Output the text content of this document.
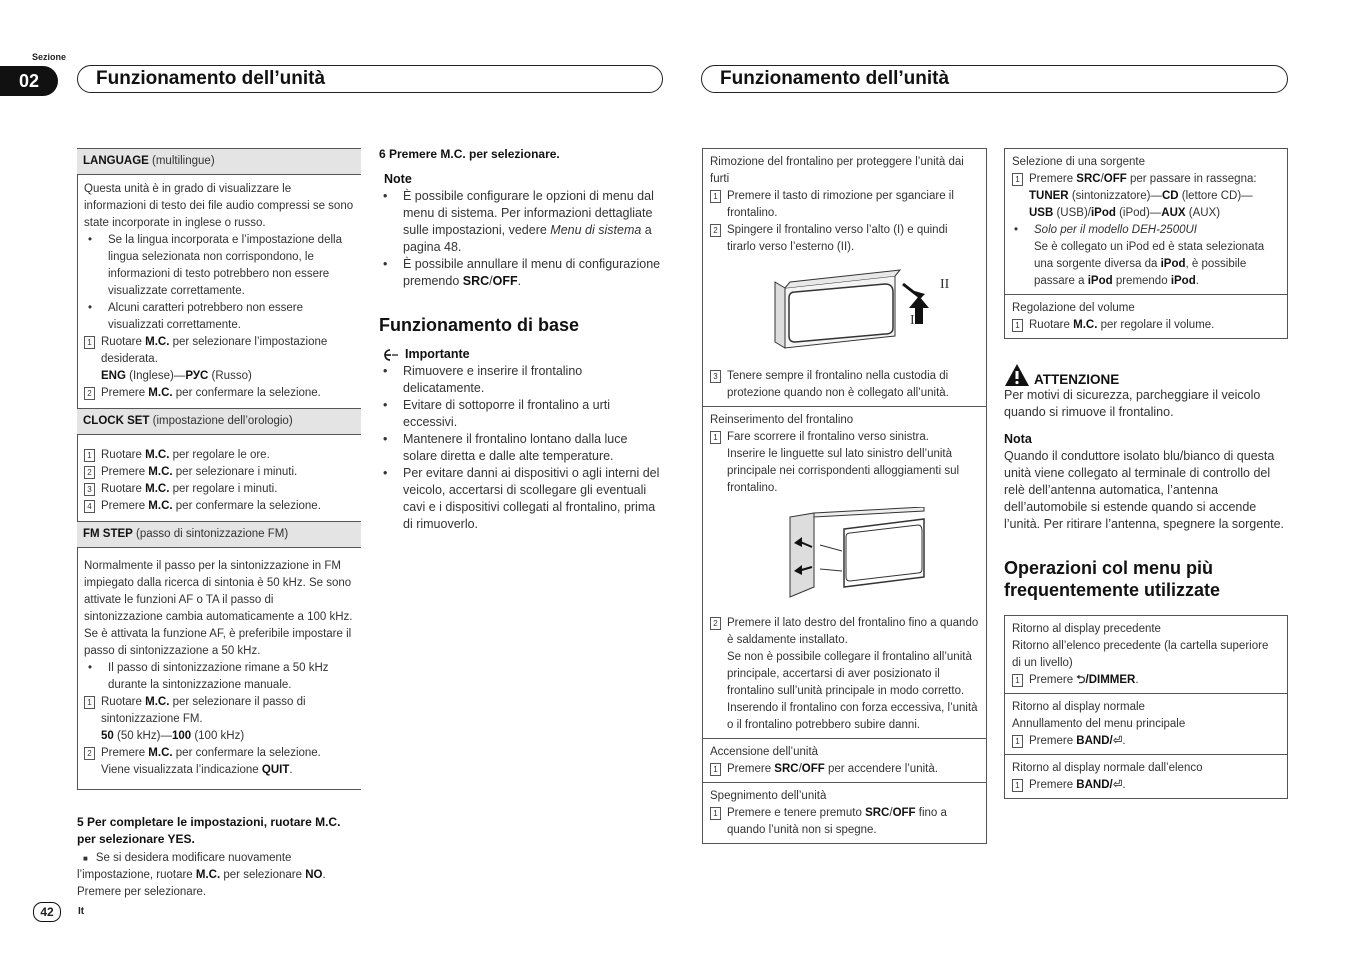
Sezione
02	Funzionamento dell’unità	Funzionamento dell’unità
LANGUAGE (multilingue)
Questa unità è in grado di visualizzare le informazioni di testo dei file audio compressi se sono state incorporate in inglese o russo.
•	Se la lingua incorporata e l’impostazione della lingua selezionata non corrispondono, le informazioni di testo potrebbero non essere visualizzate correttamente.
•	Alcuni caratteri potrebbero non essere visualizzati correttamente.
1 Ruotare M.C. per selezionare l’impostazione desiderata.
ENG (Inglese)—РУС (Russo)
2 Premere M.C. per confermare la selezione.
CLOCK SET (impostazione dell’orologio)
1 Ruotare M.C. per regolare le ore.
2 Premere M.C. per selezionare i minuti.
3 Ruotare M.C. per regolare i minuti.
4 Premere M.C. per confermare la selezione.
FM STEP (passo di sintonizzazione FM)
Normalmente il passo per la sintonizzazione in FM impiegato dalla ricerca di sintonia è 50 kHz. Se sono attivate le funzioni AF o TA il passo di sintonizzazione cambia automaticamente a 100 kHz. Se è attivata la funzione AF, è preferibile impostare il passo di sintonizzazione a 50 kHz.
•	Il passo di sintonizzazione rimane a 50 kHz durante la sintonizzazione manuale.
1 Ruotare M.C. per selezionare il passo di sintonizzazione FM.
50 (50 kHz)—100 (100 kHz)
2 Premere M.C. per confermare la selezione.
Viene visualizzata l’indicazione QUIT.
5 Per completare le impostazioni, ruotare M.C. per selezionare YES.
■ Se si desidera modificare nuovamente l’impostazione, ruotare M.C. per selezionare NO. Premere per selezionare.
6 Premere M.C. per selezionare.
Note
•	È possibile configurare le opzioni di menu dal menu di sistema. Per informazioni dettagliate sulle impostazioni, vedere Menu di sistema a pagina 48.
•	È possibile annullare il menu di configurazione premendo SRC/OFF.
Funzionamento di base
Importante
•	Rimuovere e inserire il frontalino delicatamente.
•	Evitare di sottoporre il frontalino a urti eccessivi.
•	Mantenere il frontalino lontano dalla luce solare diretta e dalle alte temperature.
•	Per evitare danni ai dispositivi o agli interni del veicolo, accertarsi di scollegare gli eventuali cavi e i dispositivi collegati al frontalino, prima di rimuoverlo.
Rimozione del frontalino per proteggere l’unità dai furti
1 Premere il tasto di rimozione per sganciare il frontalino.
2 Spingere il frontalino verso l’alto (I) e quindi tirarlo verso l’esterno (II).
II
I
3 Tenere sempre il frontalino nella custodia di protezione quando non è collegato all’unità.
Reinserimento del frontalino
1 Fare scorrere il frontalino verso sinistra.
Inserire le linguette sul lato sinistro dell’unità principale nei corrispondenti alloggiamenti sul frontalino.
2 Premere il lato destro del frontalino fino a quando è saldamente installato.
Se non è possibile collegare il frontalino all’unità principale, accertarsi di aver posizionato il frontalino sull’unità principale in modo corretto. Inserendo il frontalino con forza eccessiva, l’unità o il frontalino potrebbero subire danni.
Accensione dell’unità
1 Premere SRC/OFF per accendere l’unità.
Spegnimento dell’unità
1 Premere e tenere premuto SRC/OFF fino a quando l’unità non si spegne.
Selezione di una sorgente
1 Premere SRC/OFF per passare in rassegna:
TUNER (sintonizzatore)—CD (lettore CD)—
USB (USB)/iPod (iPod)—AUX (AUX)
•	Solo per il modello DEH-2500UI
Se è collegato un iPod ed è stata selezionata una sorgente diversa da iPod, è possibile passare a iPod premendo iPod.
Regolazione del volume
1 Ruotare M.C. per regolare il volume.
ATTENZIONE
Per motivi di sicurezza, parcheggiare il veicolo quando si rimuove il frontalino.
Nota
Quando il conduttore isolato blu/bianco di questa unità viene collegato al terminale di controllo del relè dell’antenna automatica, l’antenna dell’automobile si estende quando si accende l’unità. Per ritirare l’antenna, spegnere la sorgente.
Operazioni col menu più frequentemente utilizzate
Ritorno al display precedente
Ritorno all’elenco precedente (la cartella superiore di un livello)
1 Premere ⮌/DIMMER.
Ritorno al display normale
Annullamento del menu principale
1 Premere BAND/⏎.
Ritorno al display normale dall’elenco
1 Premere BAND/⏎.
42	It
